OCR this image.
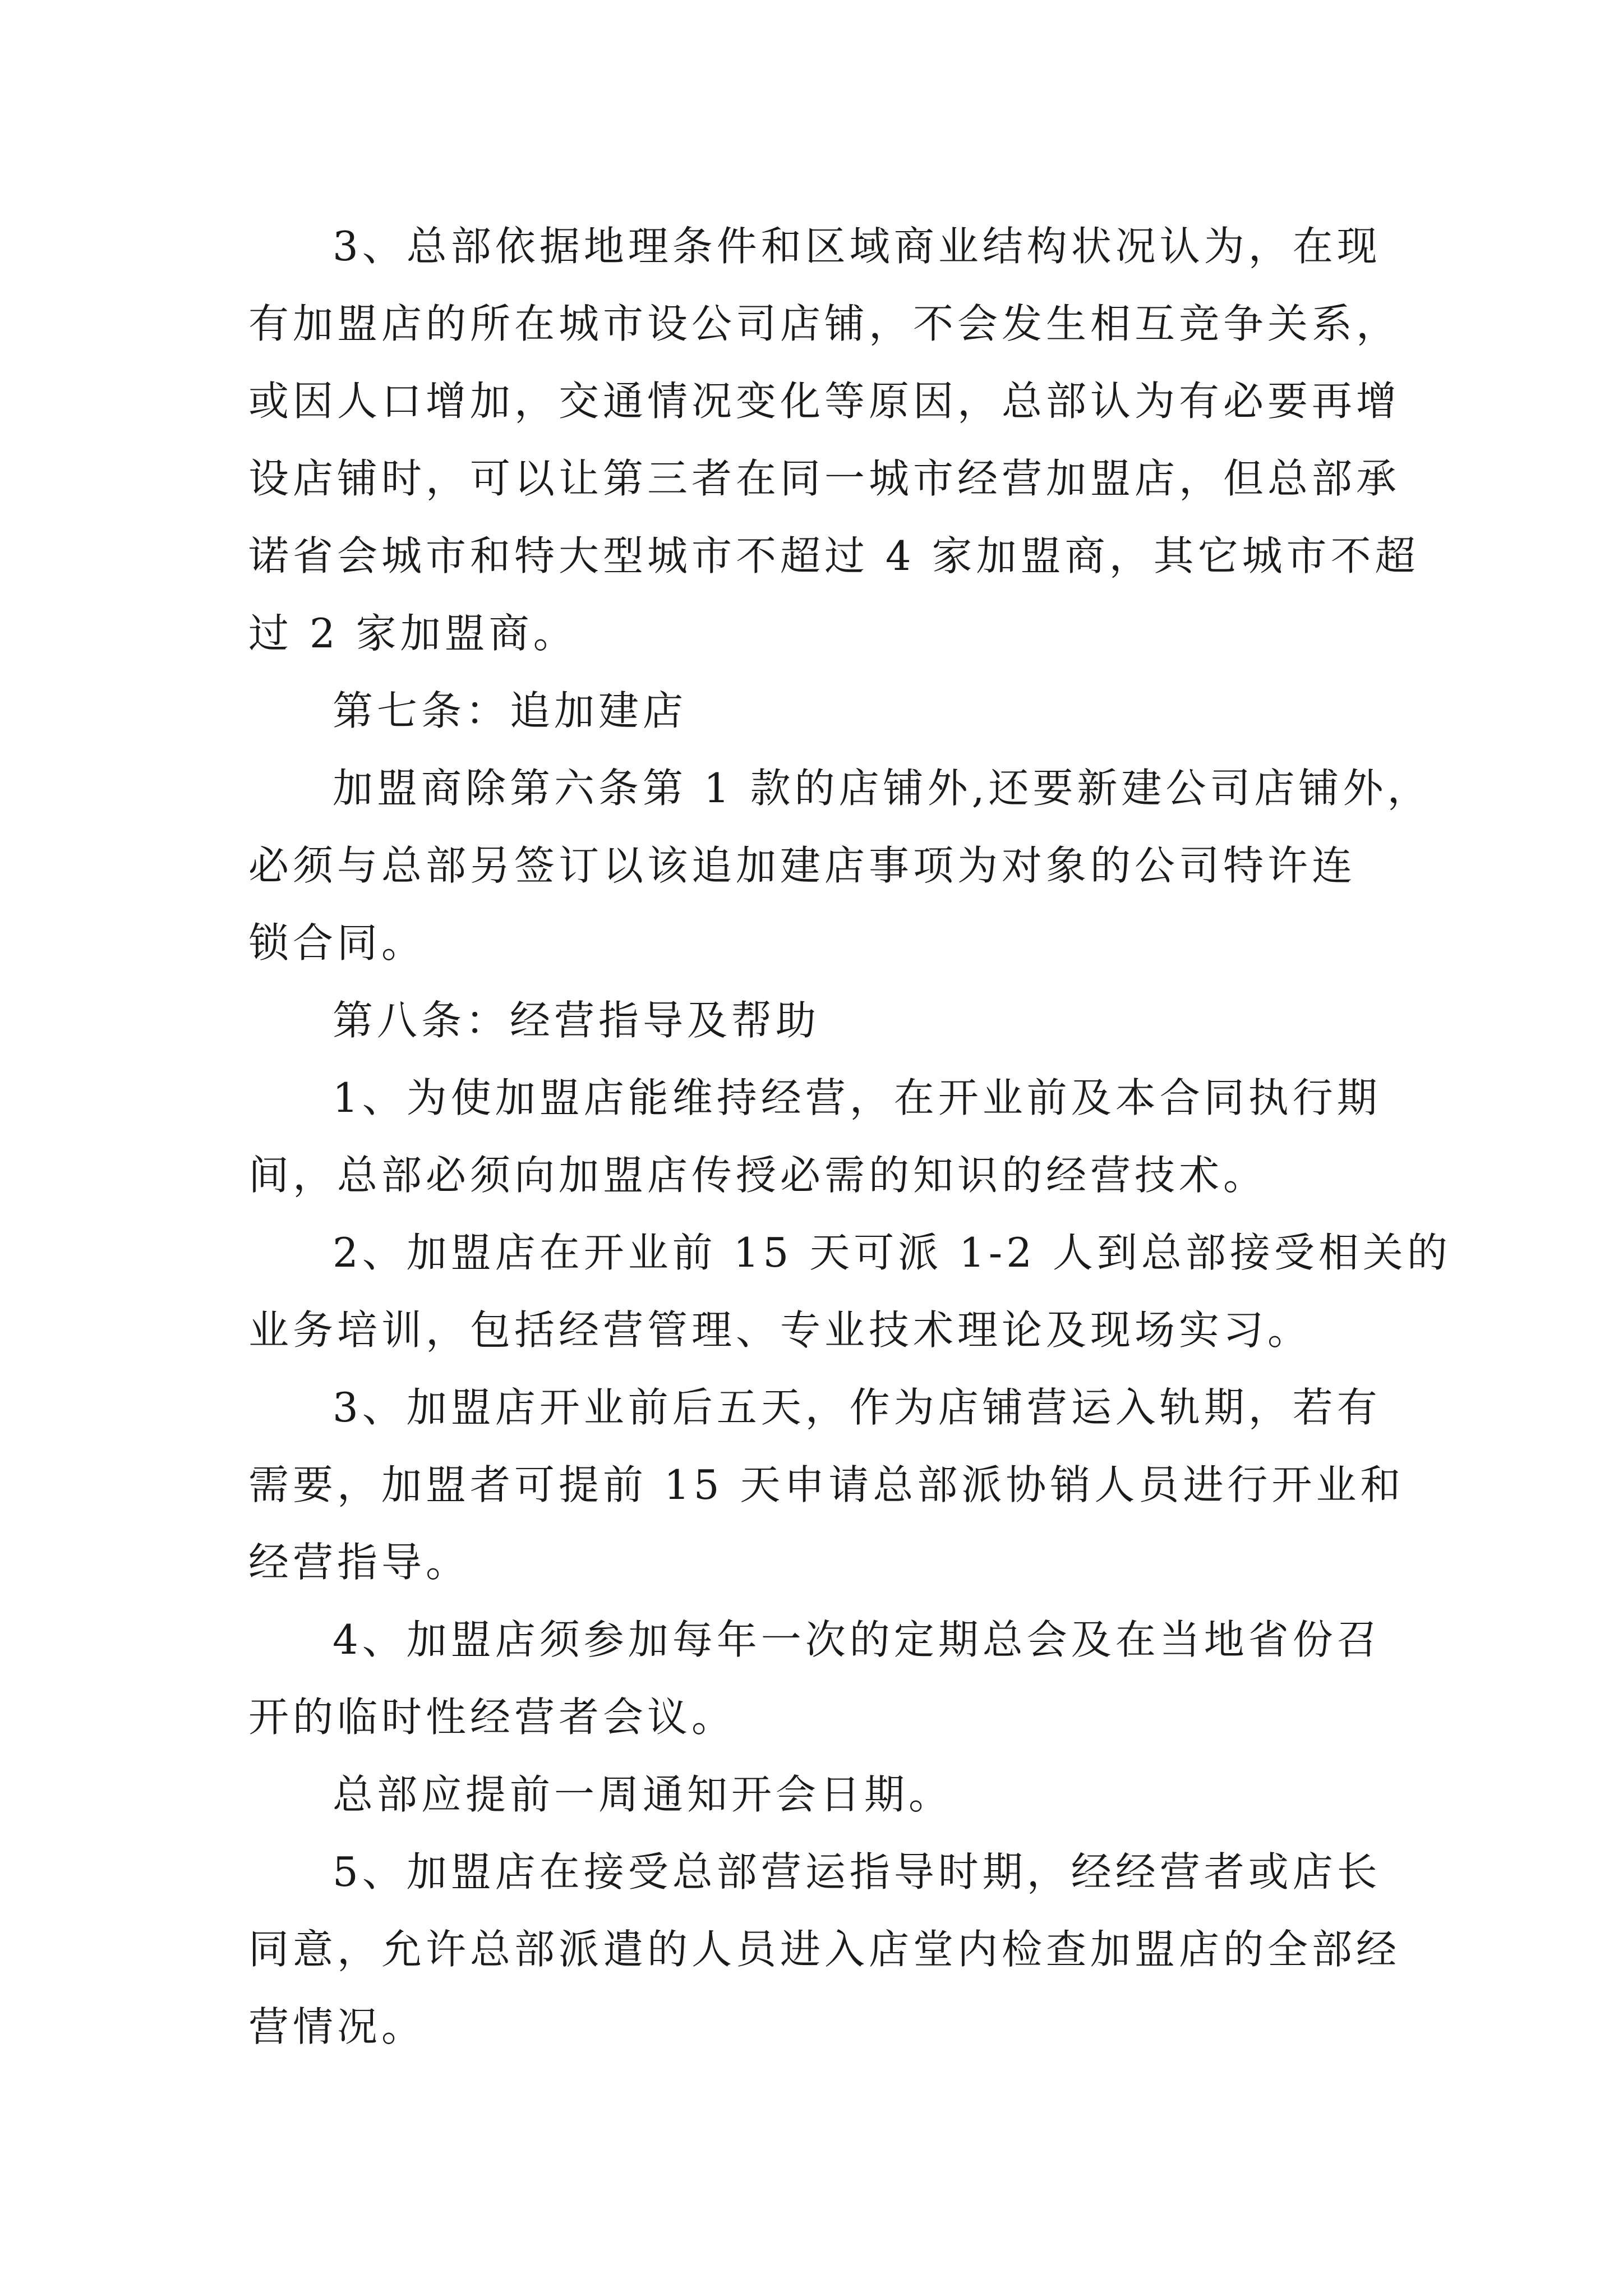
3、总部依据地理条件和区域商业结构状况认为，在现
有加盟店的所在城市设公司店铺，不会发生相互竞争关系，
或因人口增加，交通情况变化等原因，总部认为有必要再增
设店铺时，可以让第三者在同一城市经营加盟店，但总部承
诺省会城市和特大型城市不超过 4 家加盟商，其它城市不超
过 2 家加盟商。
第七条：追加建店
加盟商除第六条第 1 款的店铺外,还要新建公司店铺外，
必须与总部另签订以该追加建店事项为对象的公司特许连
锁合同。
第八条：经营指导及帮助
1、为使加盟店能维持经营，在开业前及本合同执行期
间，总部必须向加盟店传授必需的知识的经营技术。
2、加盟店在开业前 15 天可派 1-2 人到总部接受相关的
业务培训，包括经营管理、专业技术理论及现场实习。
3、加盟店开业前后五天，作为店铺营运入轨期，若有
需要，加盟者可提前 15 天申请总部派协销人员进行开业和
经营指导。
4、加盟店须参加每年一次的定期总会及在当地省份召
开的临时性经营者会议。
总部应提前一周通知开会日期。
5、加盟店在接受总部营运指导时期，经经营者或店长
同意，允许总部派遣的人员进入店堂内检查加盟店的全部经
营情况。
